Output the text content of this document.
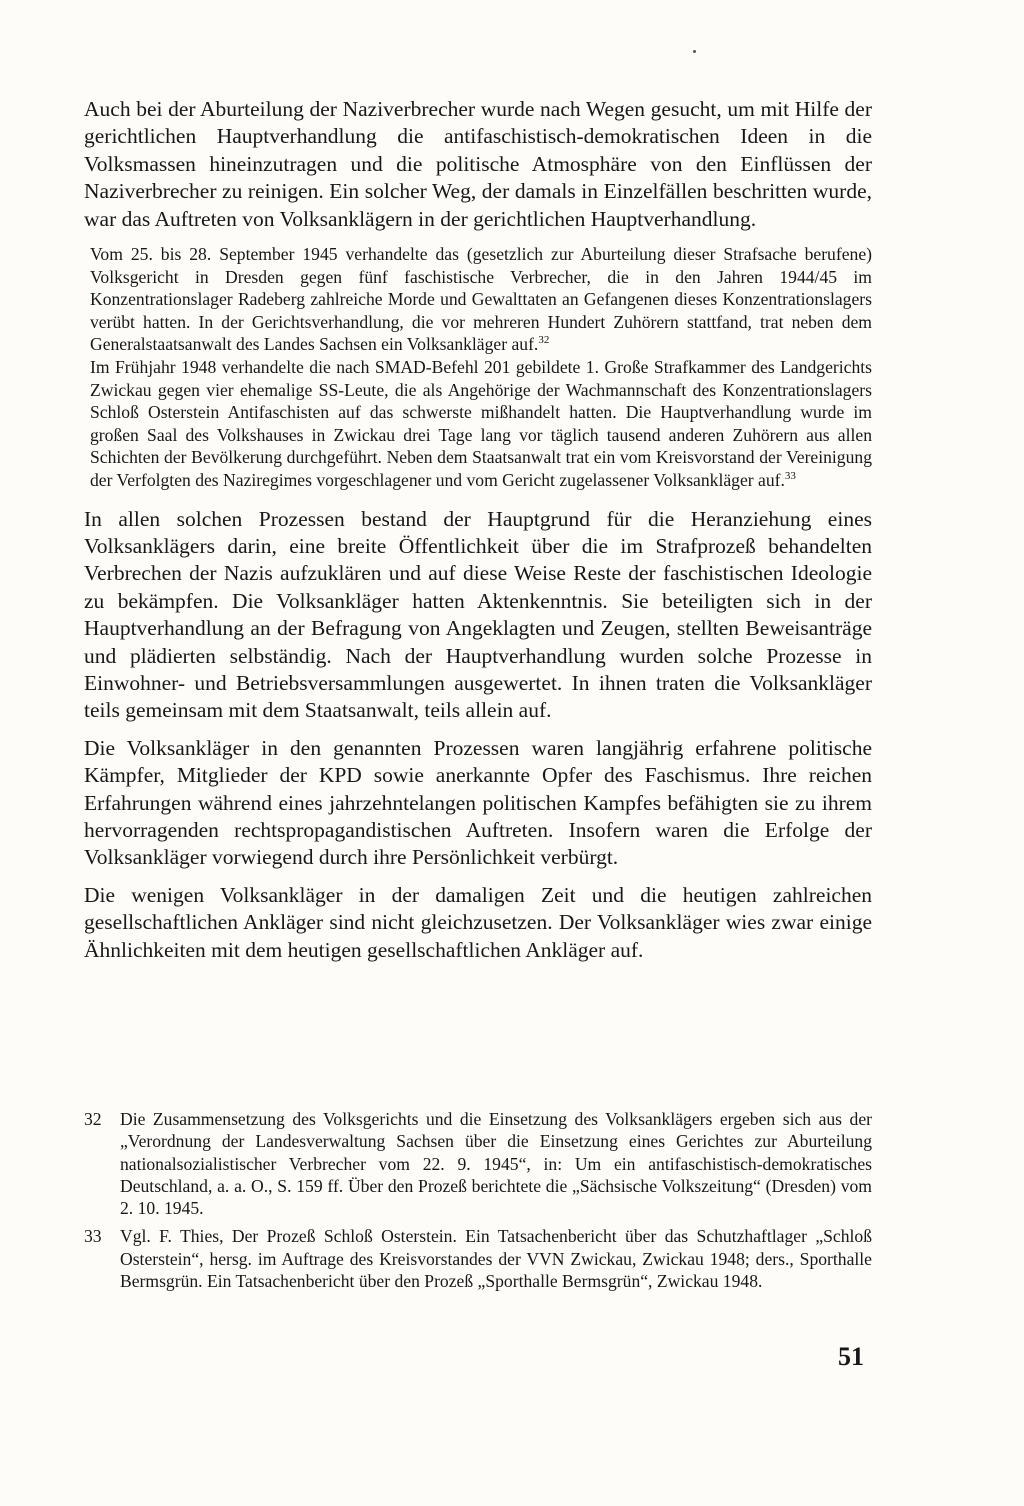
Auch bei der Aburteilung der Naziverbrecher wurde nach Wegen gesucht, um mit Hilfe der gerichtlichen Hauptverhandlung die antifaschistisch-demokratischen Ideen in die Volksmassen hineinzutragen und die politische Atmosphäre von den Einflüssen der Naziverbrecher zu reinigen. Ein solcher Weg, der damals in Einzelfällen beschritten wurde, war das Auftreten von Volksanklägern in der gerichtlichen Hauptverhandlung.

Vom 25. bis 28. September 1945 verhandelte das (gesetzlich zur Aburteilung dieser Strafsache berufene) Volksgericht in Dresden gegen fünf faschistische Verbrecher, die in den Jahren 1944/45 im Konzentrationslager Radeberg zahlreiche Morde und Gewalttaten an Gefangenen dieses Konzentrationslagers verübt hatten. In der Gerichtsverhandlung, die vor mehreren Hundert Zuhörern stattfand, trat neben dem Generalstaatsanwalt des Landes Sachsen ein Volksankläger auf.$^{32}$

Im Frühjahr 1948 verhandelte die nach SMAD-Befehl 201 gebildete 1. Große Strafkammer des Landgerichts Zwickau gegen vier ehemalige SS-Leute, die als Angehörige der Wachmannschaft des Konzentrationslagers Schloß Osterstein Antifaschisten auf das schwerste mißhandelt hatten. Die Hauptverhandlung wurde im großen Saal des Volkshauses in Zwickau drei Tage lang vor täglich tausend anderen Zuhörern aus allen Schichten der Bevölkerung durchgeführt. Neben dem Staatsanwalt trat ein vom Kreisvorstand der Vereinigung der Verfolgten des Naziregimes vorgeschlagener und vom Gericht zugelassener Volksankläger auf.$^{33}$

In allen solchen Prozessen bestand der Hauptgrund für die Heranziehung eines Volksanklägers darin, eine breite Öffentlichkeit über die im Strafprozeß behandelten Verbrechen der Nazis aufzuklären und auf diese Weise Reste der faschistischen Ideologie zu bekämpfen. Die Volksankläger hatten Aktenkenntnis. Sie beteiligten sich in der Hauptverhandlung an der Befragung von Angeklagten und Zeugen, stellten Beweisanträge und plädierten selbständig. Nach der Hauptverhandlung wurden solche Prozesse in Einwohner- und Betriebsversammlungen ausgewertet. In ihnen traten die Volksankläger teils gemeinsam mit dem Staatsanwalt, teils allein auf.

Die Volksankläger in den genannten Prozessen waren langjährig erfahrene politische Kämpfer, Mitglieder der KPD sowie anerkannte Opfer des Faschismus. Ihre reichen Erfahrungen während eines jahrzehntelangen politischen Kampfes befähigten sie zu ihrem hervorragenden rechtspropagandistischen Auftreten. Insofern waren die Erfolge der Volksankläger vorwiegend durch ihre Persönlichkeit verbürgt.

Die wenigen Volksankläger in der damaligen Zeit und die heutigen zahlreichen gesellschaftlichen Ankläger sind nicht gleichzusetzen. Der Volksankläger wies zwar einige Ähnlichkeiten mit dem heutigen gesellschaftlichen Ankläger auf.

32	Die Zusammensetzung des Volksgerichts und die Einsetzung des Volksanklägers ergeben sich aus der „Verordnung der Landesverwaltung Sachsen über die Einsetzung eines Gerichtes zur Aburteilung nationalsozialistischer Verbrecher vom 22. 9. 1945“, in: Um ein antifaschistisch-demokratisches Deutschland, a. a. O., S. 159 ff. Über den Prozeß berichtete die „Sächsische Volkszeitung“ (Dresden) vom 2. 10. 1945.
33	Vgl. F. Thies, Der Prozeß Schloß Osterstein. Ein Tatsachenbericht über das Schutzhaftlager „Schloß Osterstein“, hersg. im Auftrage des Kreisvorstandes der VVN Zwickau, Zwickau 1948; ders., Sporthalle Bermsgrün. Ein Tatsachenbericht über den Prozeß „Sporthalle Bermsgrün“, Zwickau 1948.
51
